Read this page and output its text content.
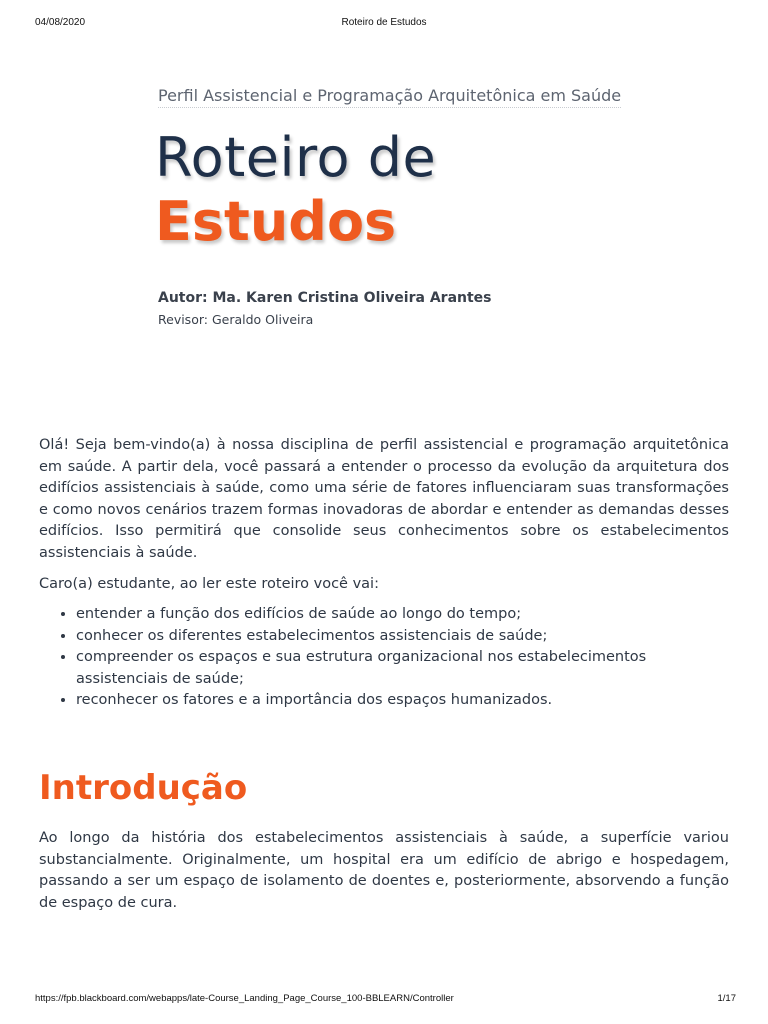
04/08/2020	Roteiro de Estudos
Perfil Assistencial e Programação Arquitetônica em Saúde
Roteiro de
Estudos
Autor: Ma. Karen Cristina Oliveira Arantes
Revisor: Geraldo Oliveira

Olá! Seja bem-vindo(a) à nossa disciplina de perfil assistencial e programação arquitetônica em saúde. A partir dela, você passará a entender o processo da evolução da arquitetura dos edifícios assistenciais à saúde, como uma série de fatores influenciaram suas transformações e como novos cenários trazem formas inovadoras de abordar e entender as demandas desses edifícios. Isso permitirá que consolide seus conhecimentos sobre os estabelecimentos assistenciais à saúde.

Caro(a) estudante, ao ler este roteiro você vai:

• entender a função dos edifícios de saúde ao longo do tempo;
• conhecer os diferentes estabelecimentos assistenciais de saúde;
• compreender os espaços e sua estrutura organizacional nos estabelecimentos assistenciais de saúde;
• reconhecer os fatores e a importância dos espaços humanizados.
Introdução

Ao longo da história dos estabelecimentos assistenciais à saúde, a superfície variou substancialmente. Originalmente, um hospital era um edifício de abrigo e hospedagem, passando a ser um espaço de isolamento de doentes e, posteriormente, absorvendo a função de espaço de cura.

https://fpb.blackboard.com/webapps/late-Course_Landing_Page_Course_100-BBLEARN/Controller	1/17
